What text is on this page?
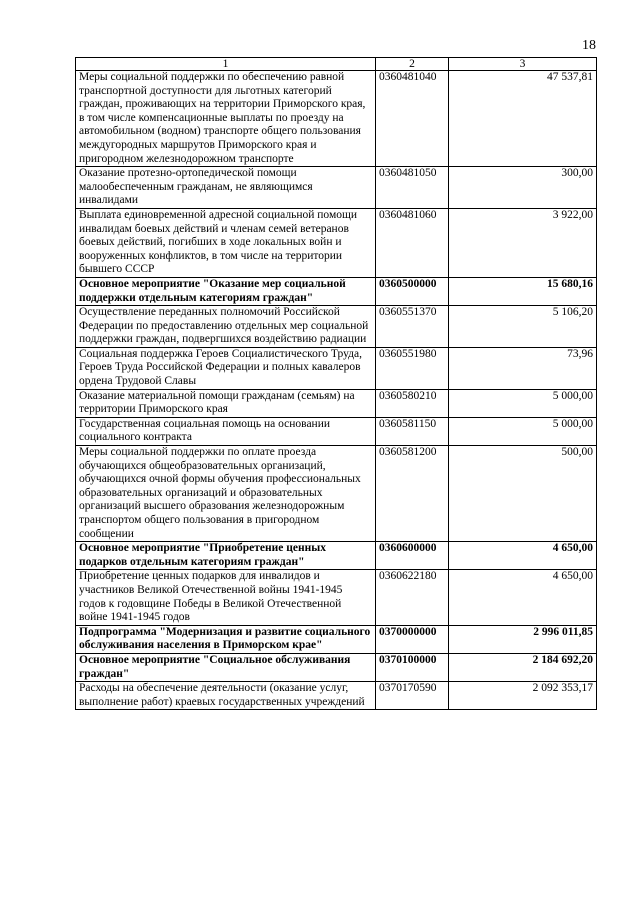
18
1	2	3
Меры социальной поддержки по обеспечению равной транспортной доступности для льготных категорий граждан, проживающих на территории Приморского края, в том числе компенсационные выплаты по проезду на автомобильном (водном) транспорте общего пользования междугородных маршрутов Приморского края и пригородном железнодорожном транспорте	0360481040	47 537,81
Оказание протезно-ортопедической помощи малообеспеченным гражданам, не являющимся инвалидами	0360481050	300,00
Выплата единовременной адресной социальной помощи инвалидам боевых действий и членам семей ветеранов боевых действий, погибших в ходе локальных войн и вооруженных конфликтов, в том числе на территории бывшего СССР	0360481060	3 922,00
Основное мероприятие "Оказание мер социальной поддержки отдельным категориям граждан"	0360500000	15 680,16
Осуществление переданных полномочий Российской Федерации по предоставлению отдельных мер социальной поддержки граждан, подвергшихся воздействию радиации	0360551370	5 106,20
Социальная поддержка Героев Социалистического Труда, Героев Труда Российской Федерации и полных кавалеров ордена Трудовой Славы	0360551980	73,96
Оказание материальной помощи гражданам (семьям) на территории Приморского края	0360580210	5 000,00
Государственная социальная помощь на основании социального контракта	0360581150	5 000,00
Меры социальной поддержки по оплате проезда обучающихся общеобразовательных организаций, обучающихся очной формы обучения профессиональных образовательных организаций и образовательных организаций высшего образования железнодорожным транспортом общего пользования в пригородном сообщении	0360581200	500,00
Основное мероприятие "Приобретение ценных подарков отдельным категориям граждан"	0360600000	4 650,00
Приобретение ценных подарков для инвалидов и участников Великой Отечественной войны 1941-1945 годов к годовщине Победы в Великой Отечественной войне 1941-1945 годов	0360622180	4 650,00
Подпрограмма "Модернизация и развитие социального обслуживания населения в Приморском крае"	0370000000	2 996 011,85
Основное мероприятие "Социальное обслуживания граждан"	0370100000	2 184 692,20
Расходы на обеспечение деятельности (оказание услуг, выполнение работ) краевых государственных учреждений	0370170590	2 092 353,17
